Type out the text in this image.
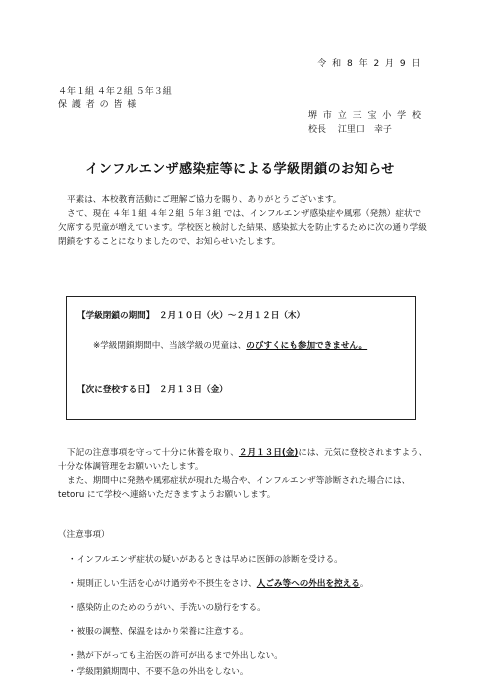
令 和 8 年 2 月 9 日
４年１組 ４年２組 ５年３組
保 護 者 の 皆 様
堺 市 立 三 宝 小 学 校
校長　 江里口　幸子
インフルエンザ感染症等による学級閉鎖のお知らせ
平素は、本校教育活動にご理解ご協力を賜り、ありがとうございます。
さて、現在 ４年１組 ４年２組 ５年３組 では、インフルエンザ感染症や風邪（発熱）症状で欠席する児童が増えています。学校医と検討した結果、感染拡大を防止するために次の通り学級閉鎖をすることになりましたので、お知らせいたします。
【学級閉鎖の期間】 ２月１０日（火）～２月１２日（木）
※学級閉鎖期間中、当該学級の児童は、のびすくにも参加できません。
【次に登校する日】 ２月１３日（金）
下記の注意事項を守って十分に休養を取り、２月１３日(金)には、元気に登校されますよう、十分な体調管理をお願いいたします。
また、期間中に発熱や風邪症状が現れた場合や、インフルエンザ等診断された場合には、tetoru にて学校へ連絡いただきますようお願いします。
（注意事項）
・インフルエンザ症状の疑いがあるときは早めに医師の診断を受ける。
・規則正しい生活を心がけ過労や不摂生をさけ、人ごみ等への外出を控える。
・感染防止のためのうがい、手洗いの励行をする。
・被服の調整、保温をはかり栄養に注意する。
・熱が下がっても主治医の許可が出るまで外出しない。
・学級閉鎖期間中、不要不急の外出をしない。
